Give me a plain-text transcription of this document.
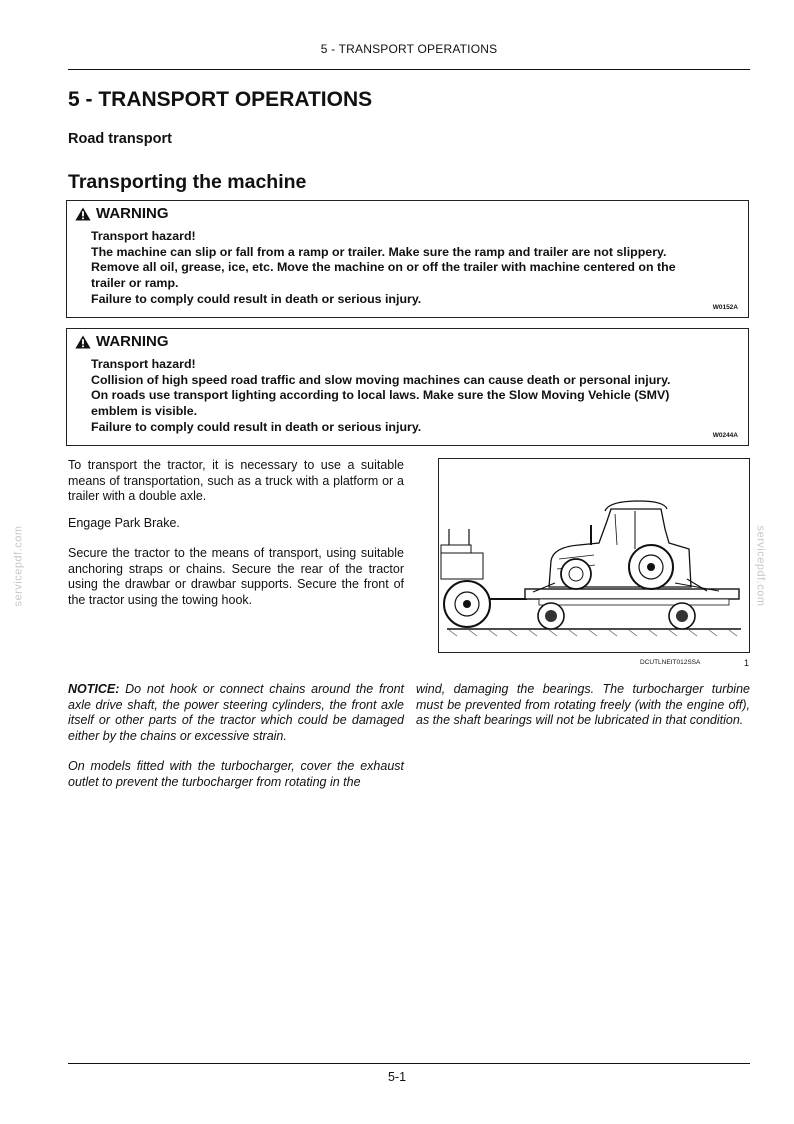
5 - TRANSPORT OPERATIONS
5 - TRANSPORT OPERATIONS
Road transport
Transporting the machine
WARNING
Transport hazard!
The machine can slip or fall from a ramp or trailer. Make sure the ramp and trailer are not slippery.
Remove all oil, grease, ice, etc. Move the machine on or off the trailer with machine centered on the
trailer or ramp.
Failure to comply could result in death or serious injury.
W0152A
WARNING
Transport hazard!
Collision of high speed road traffic and slow moving machines can cause death or personal injury.
On roads use transport lighting according to local laws. Make sure the Slow Moving Vehicle (SMV)
emblem is visible.
Failure to comply could result in death or serious injury.
W0244A

To transport the tractor, it is necessary to use a suitable means of transportation, such as a truck with a platform or a trailer with a double axle.

Engage Park Brake.

Secure the tractor to the means of transport, using suitable anchoring straps or chains. Secure the rear of the tractor using the drawbar or drawbar supports. Secure the front of the tractor using the towing hook.

DCUTLNEIT012SSA	1

NOTICE: Do not hook or connect chains around the front axle drive shaft, the power steering cylinders, the front axle itself or other parts of the tractor which could be damaged either by the chains or excessive strain.

On models fitted with the turbocharger, cover the exhaust outlet to prevent the turbocharger from rotating in the

wind, damaging the bearings. The turbocharger turbine must be prevented from rotating freely (with the engine off), as the shaft bearings will not be lubricated in that condition.

servicepdf.com	servicepdf.com
5-1
